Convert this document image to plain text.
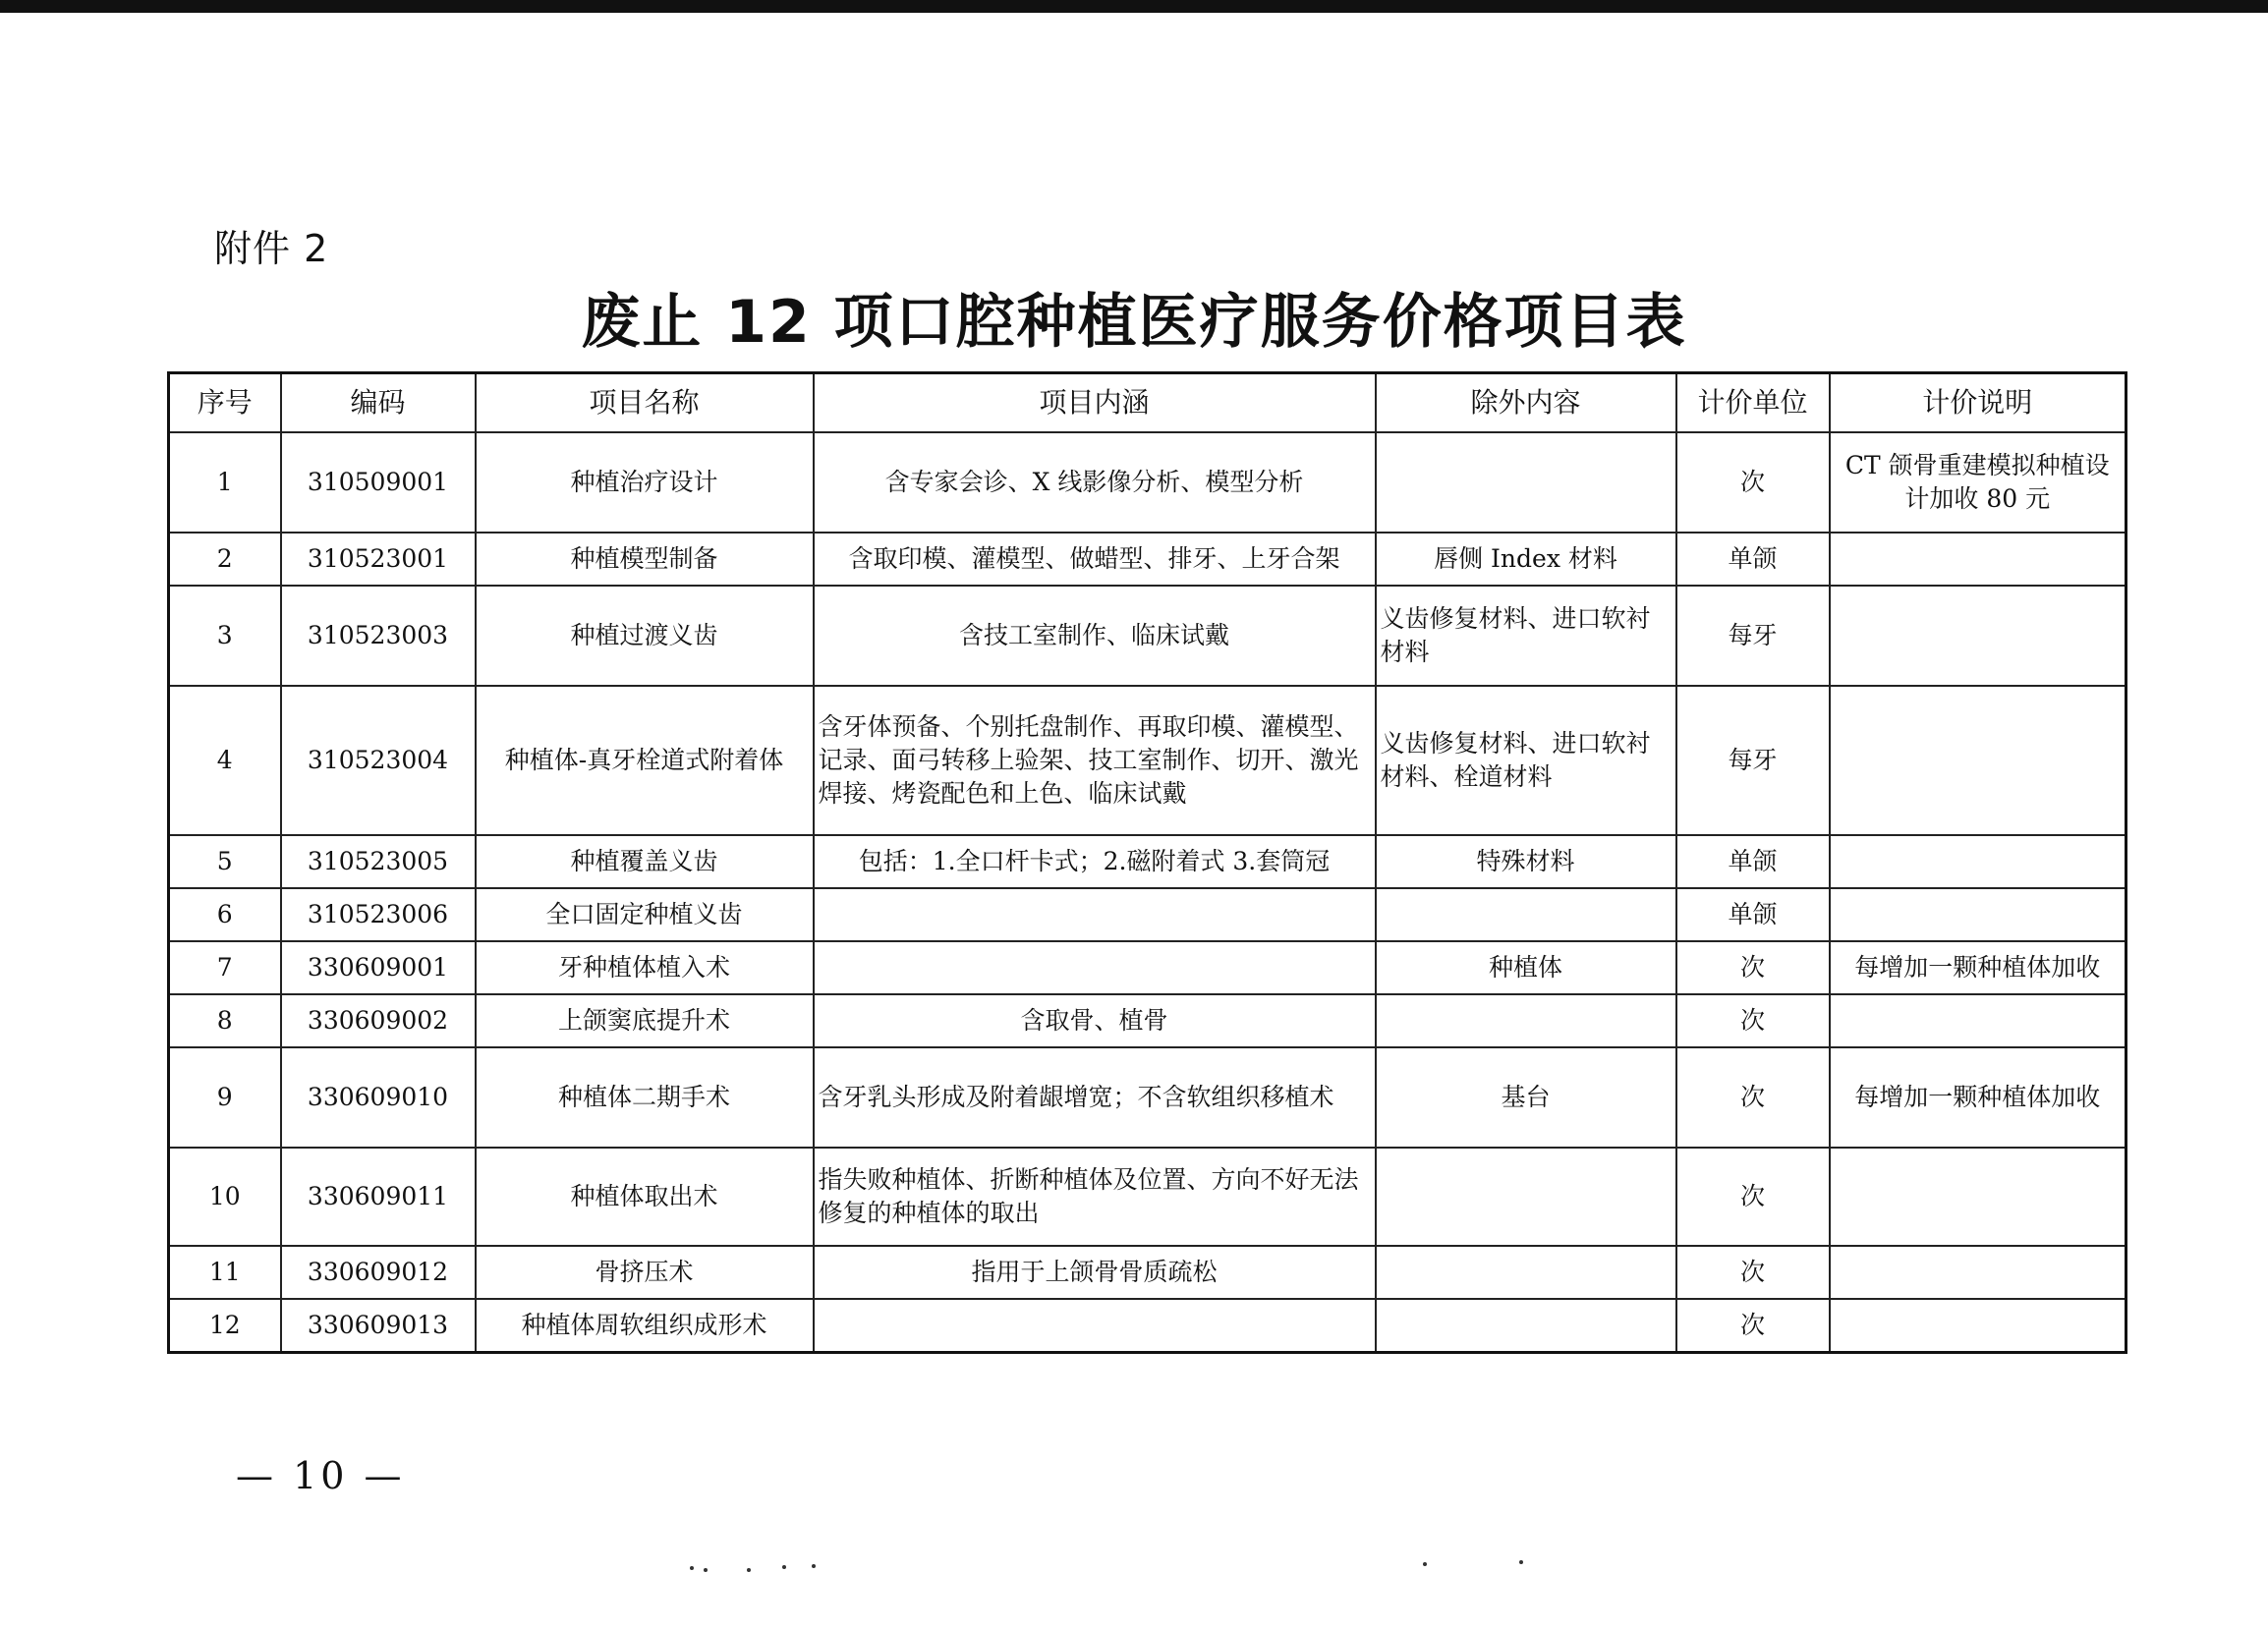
附件 2
废止 12 项口腔种植医疗服务价格项目表
序号	编码	项目名称	项目内涵	除外内容	计价单位	计价说明
1	310509001	种植治疗设计	含专家会诊、X 线影像分析、模型分析		次	CT 颌骨重建模拟种植设计加收 80 元
2	310523001	种植模型制备	含取印模、灌模型、做蜡型、排牙、上牙合架	唇侧 Index 材料	单颌	
3	310523003	种植过渡义齿	含技工室制作、临床试戴	义齿修复材料、进口软衬材料	每牙	
4	310523004	种植体-真牙栓道式附着体	含牙体预备、个别托盘制作、再取印模、灌模型、记录、面弓转移上验架、技工室制作、切开、激光焊接、烤瓷配色和上色、临床试戴	义齿修复材料、进口软衬材料、栓道材料	每牙	
5	310523005	种植覆盖义齿	包括：1.全口杆卡式；2.磁附着式 3.套筒冠	特殊材料	单颌	
6	310523006	全口固定种植义齿			单颌	
7	330609001	牙种植体植入术		种植体	次	每增加一颗种植体加收
8	330609002	上颌窦底提升术	含取骨、植骨		次	
9	330609010	种植体二期手术	含牙乳头形成及附着龈增宽；不含软组织移植术	基台	次	每增加一颗种植体加收
10	330609011	种植体取出术	指失败种植体、折断种植体及位置、方向不好无法修复的种植体的取出		次	
11	330609012	骨挤压术	指用于上颌骨骨质疏松		次	
12	330609013	种植体周软组织成形术			次	
— 10 —
